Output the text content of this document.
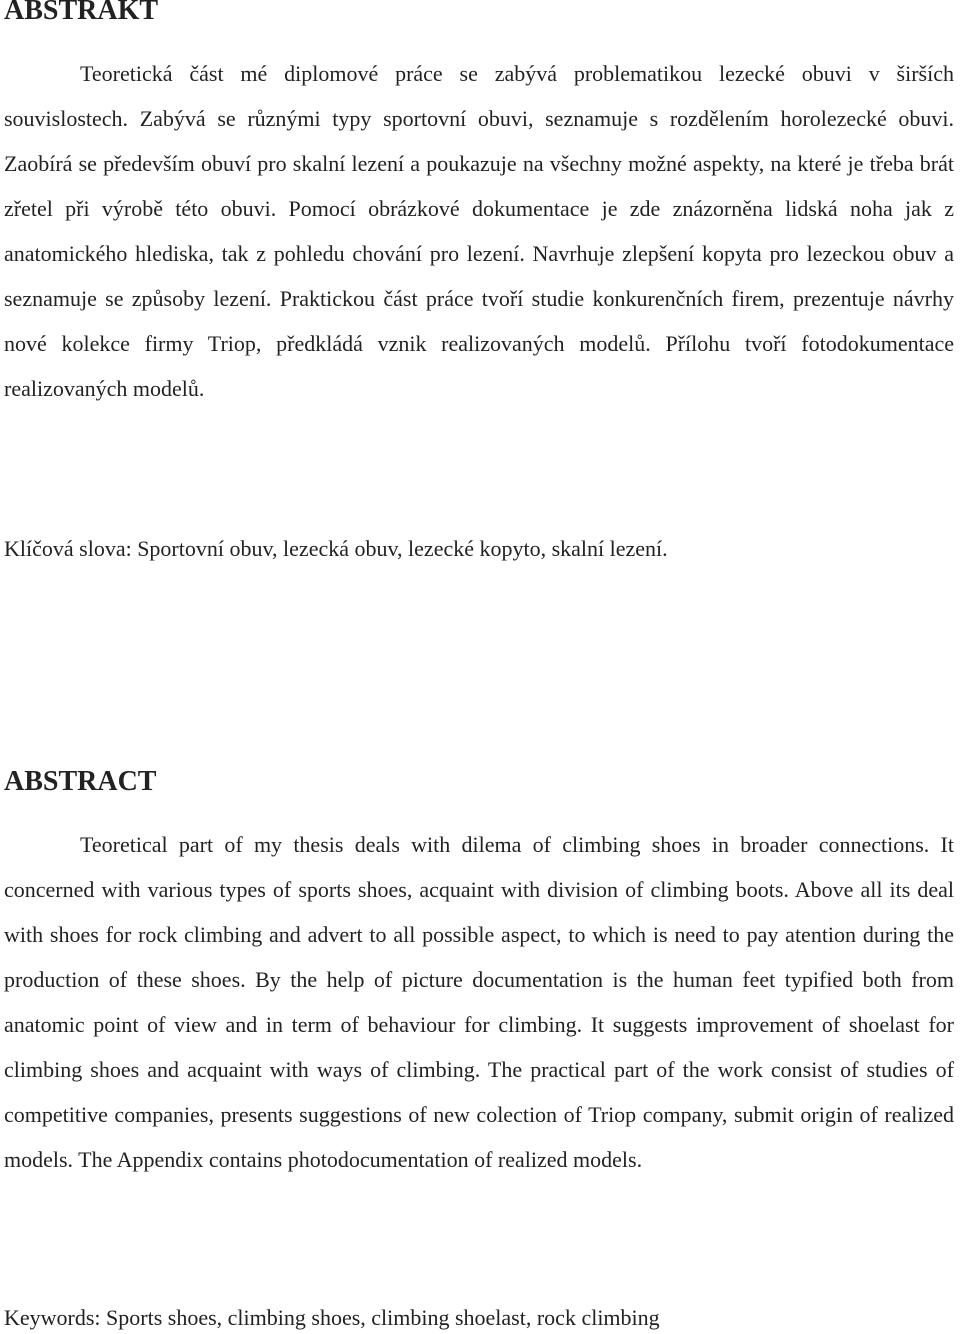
ABSTRAKT

Teoretická část mé diplomové práce se zabývá problematikou lezecké obuvi v širších souvislostech. Zabývá se různými typy sportovní obuvi, seznamuje s rozdělením horolezecké obuvi. Zaobírá se především obuví pro skalní lezení a poukazuje na všechny možné aspekty, na které je třeba brát zřetel při výrobě této obuvi. Pomocí obrázkové dokumentace je zde znázorněna lidská noha jak z anatomického hlediska, tak z pohledu chování pro lezení. Navrhuje zlepšení kopyta pro lezeckou obuv a seznamuje se způsoby lezení. Praktickou část práce tvoří studie konkurenčních firem, prezentuje návrhy nové kolekce firmy Triop, předkládá vznik realizovaných modelů. Přílohu tvoří fotodokumentace realizovaných modelů.

Klíčová slova: Sportovní obuv, lezecká obuv, lezecké kopyto, skalní lezení.

ABSTRACT

Teoretical part of my thesis deals with dilema of climbing shoes in broader connections. It concerned with various types of sports shoes, acquaint with division of climbing boots. Above all its deal with shoes for rock climbing and advert to all possible aspect, to which is need to pay atention during the production of these shoes. By the help of picture documentation is the human feet typified both from anatomic point of view and in term of behaviour for climbing. It suggests improvement of shoelast for climbing shoes and acquaint with ways of climbing. The practical part of the work consist of studies of competitive companies, presents suggestions of new colection of Triop company, submit origin of realized models. The Appendix contains photodocumentation of realized models.

Keywords: Sports shoes, climbing shoes, climbing shoelast, rock climbing
